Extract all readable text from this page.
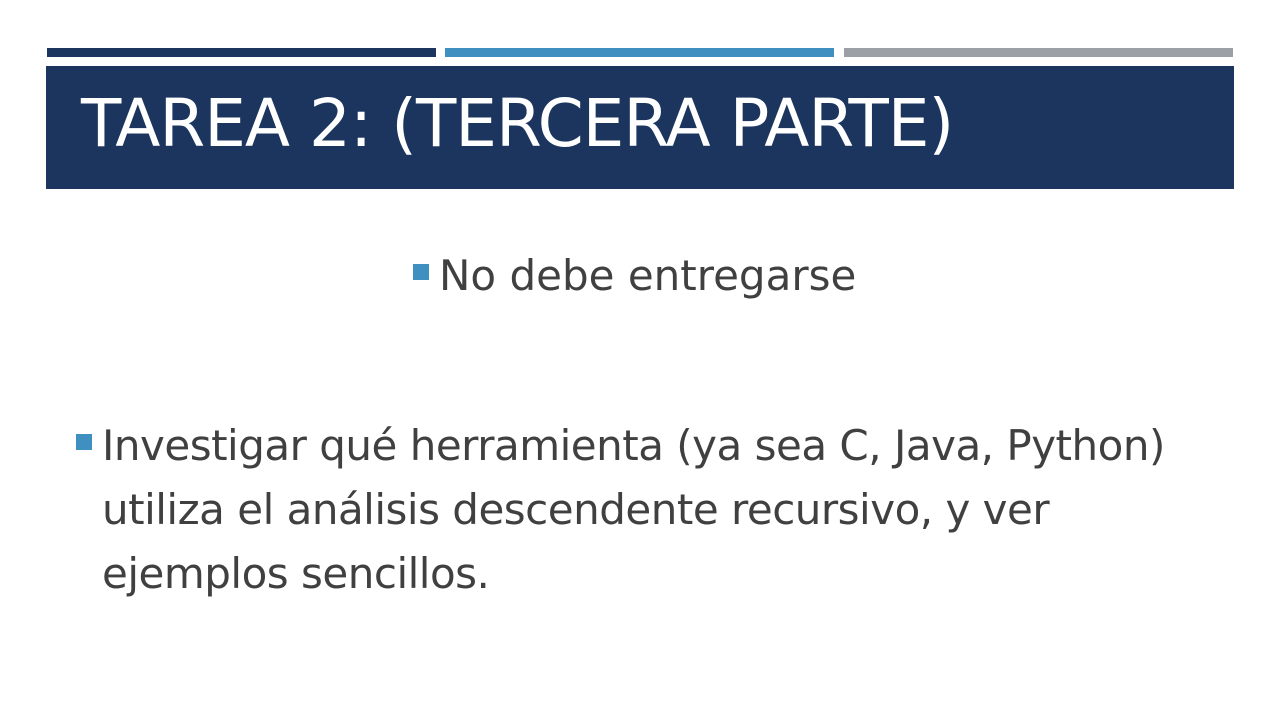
TAREA 2: (TERCERA PARTE)
No debe entregarse
Investigar qué herramienta (ya sea C, Java, Python) utiliza el análisis descendente recursivo, y ver ejemplos sencillos.
